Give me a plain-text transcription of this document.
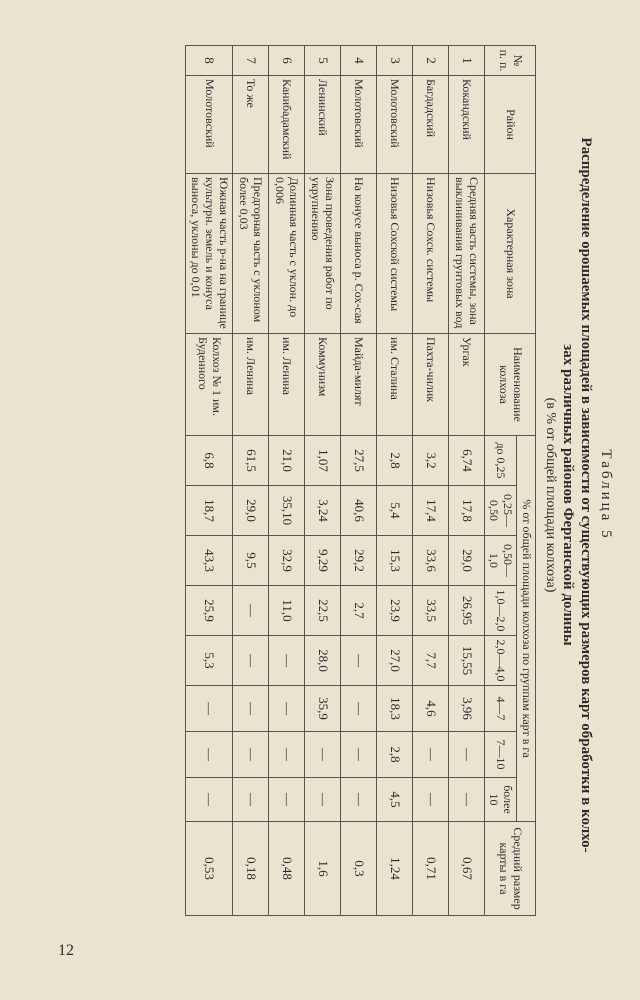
12
Таблица 5
Распределение орошаемых площадей в зависимости от существующих размеров карт обработки в колхо-
зах различных районов Ферганской долины
(в % от общей площади колхоза)
№ п. п.	Район	Характерная зона	Наименование колхоза	% от общей площади колхоза по группам карт в га								Средний размер карты в га
				до 0,25	0,25—0,50	0,50—1,0	1,0—2,0	2,0—4,0	4—7	7—10	более 10	
1	Кокандский	Средняя часть системы, зона выклинивания грунтовых вод	Ургак	6,74	17,8	29,0	26,95	15,55	3,96	—	—	0,67
2	Багдадский	Низовья Сохск. системы	Пахта-чилик	3,2	17,4	33,6	33,5	7,7	4,6	—	—	0,71
3	Молотовский	Низовья Сохской системы	им. Сталина	2,8	5,4	15,3	23,9	27,0	18,3	2,8	4,5	1,24
4	Молотовский	На конусе выноса р. Сох-сая	Майда-милят	27,5	40,6	29,2	2,7	—	—	—	—	0,3
5	Ленинский	Зона проведения работ по укрупнению	Коммунизм	1,07	3,24	9,29	22,5	28,0	35,9	—	—	1,6
6	Канибадамский	Долинная часть с уклон. до 0,006	им. Ленина	21,0	35,10	32,9	11,0	—	—	—	—	0,48
7	То же	Предгорная часть с уклоном более 0,03	им. Ленина	61,5	29,0	9,5	—	—	—	—	—	0,18
8	Молотовский	Южная часть р-на на границе культурн. земель и конуса выноса, уклоны до 0,01	Колхоз № 1 им. Буденного	6,8	18,7	43,3	25,9	5,3	—	—	—	0,53
